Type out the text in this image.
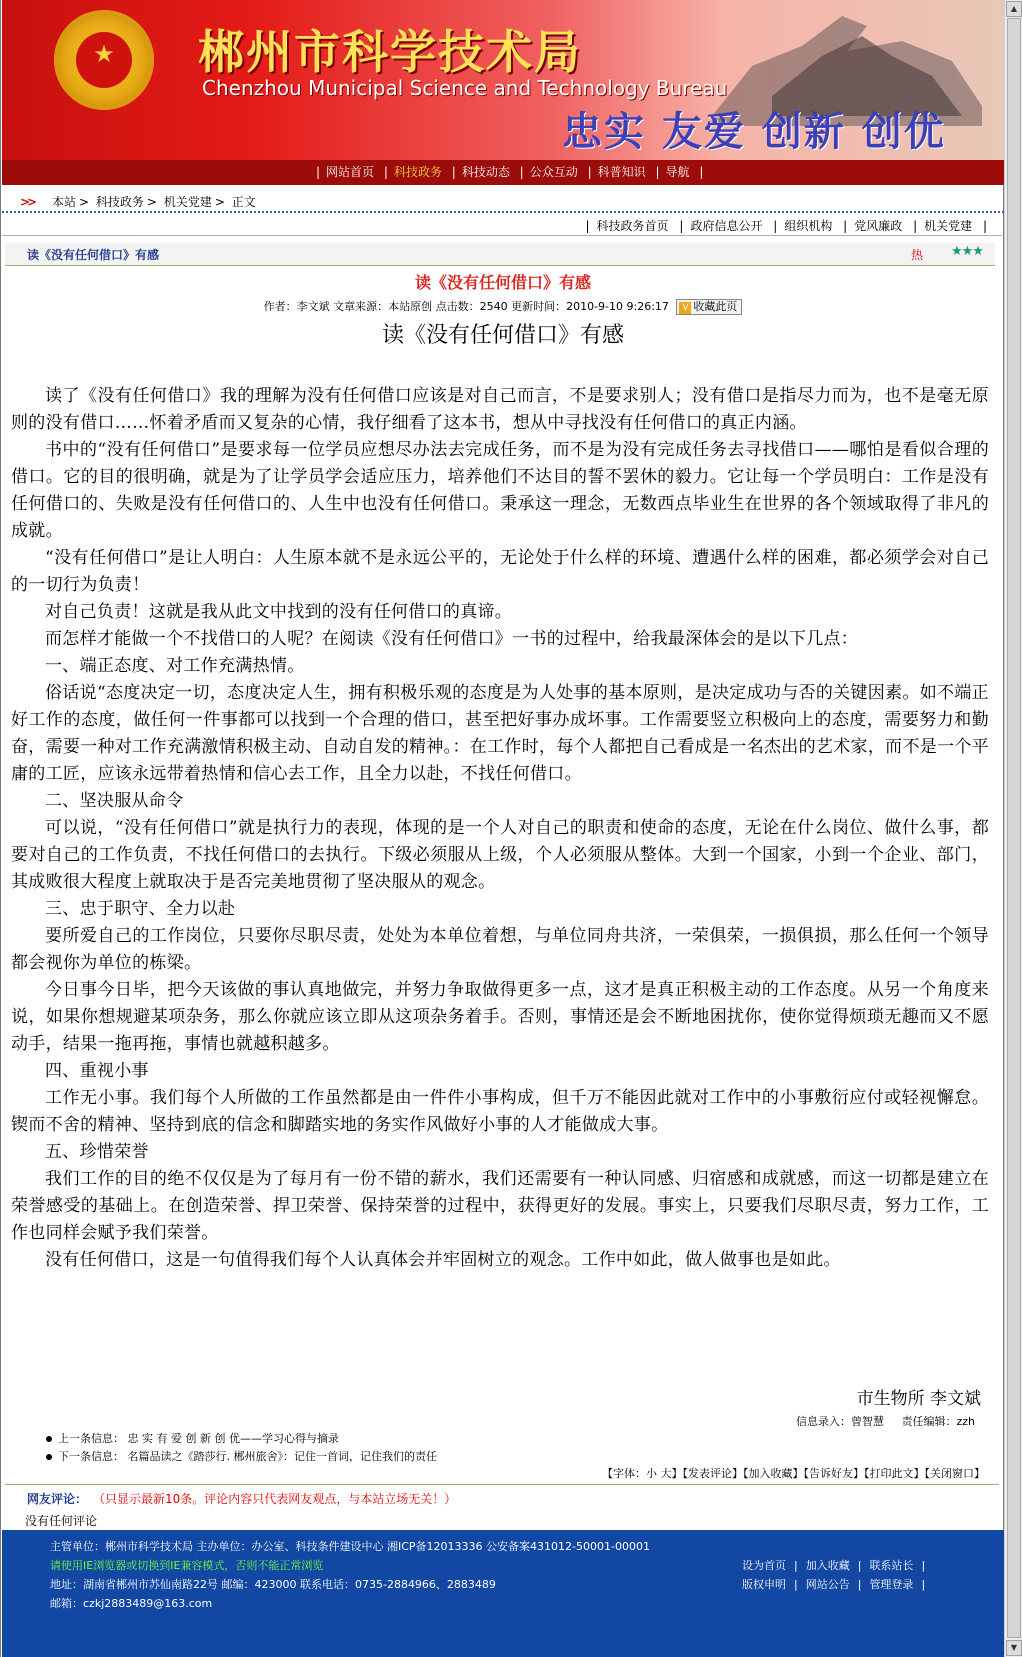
★	郴州市科学技术局
Chenzhou Municipal Science and Technology Bureau
忠实 友爱 创新 创优
| 网站首页 | 科技政务 | 科技动态 | 公众互动 | 科普知识 | 导航 |
>> 本站 > 科技政务 > 机关党建 > 正文
| 科技政务首页 | 政府信息公开 | 组织机构 | 党风廉政 | 机关党建 |
读《没有任何借口》有感	热 ★★★
读《没有任何借口》有感
作者：李文斌 文章来源：本站原创 点击数：2540 更新时间：2010-9-10 9:26:17 V 收藏此页
读《没有任何借口》有感

读了《没有任何借口》我的理解为没有任何借口应该是对自己而言，不是要求别人；没有借口是指尽力而为，也不是毫无原则的没有借口……怀着矛盾而又复杂的心情，我仔细看了这本书，想从中寻找没有任何借口的真正内涵。

书中的“没有任何借口”是要求每一位学员应想尽办法去完成任务，而不是为没有完成任务去寻找借口——哪怕是看似合理的借口。它的目的很明确，就是为了让学员学会适应压力，培养他们不达目的誓不罢休的毅力。它让每一个学员明白：工作是没有任何借口的、失败是没有任何借口的、人生中也没有任何借口。秉承这一理念，无数西点毕业生在世界的各个领域取得了非凡的成就。

“没有任何借口”是让人明白：人生原本就不是永远公平的，无论处于什么样的环境、遭遇什么样的困难，都必须学会对自己的一切行为负责！

对自己负责！这就是我从此文中找到的没有任何借口的真谛。

而怎样才能做一个不找借口的人呢？在阅读《没有任何借口》一书的过程中，给我最深体会的是以下几点：

一、端正态度、对工作充满热情。

俗话说“态度决定一切，态度决定人生，拥有积极乐观的态度是为人处事的基本原则，是决定成功与否的关键因素。如不端正好工作的态度，做任何一件事都可以找到一个合理的借口，甚至把好事办成坏事。工作需要竖立积极向上的态度，需要努力和勤奋，需要一种对工作充满激情积极主动、自动自发的精神。：在工作时，每个人都把自己看成是一名杰出的艺术家，而不是一个平庸的工匠，应该永远带着热情和信心去工作，且全力以赴，不找任何借口。

二、坚决服从命令

可以说，“没有任何借口”就是执行力的表现，体现的是一个人对自己的职责和使命的态度，无论在什么岗位、做什么事，都要对自己的工作负责，不找任何借口的去执行。下级必须服从上级，个人必须服从整体。大到一个国家，小到一个企业、部门，其成败很大程度上就取决于是否完美地贯彻了坚决服从的观念。

三、忠于职守、全力以赴

要所爱自己的工作岗位，只要你尽职尽责，处处为本单位着想，与单位同舟共济，一荣俱荣，一损俱损，那么任何一个领导都会视你为单位的栋梁。

今日事今日毕，把今天该做的事认真地做完，并努力争取做得更多一点，这才是真正积极主动的工作态度。从另一个角度来说，如果你想规避某项杂务，那么你就应该立即从这项杂务着手。否则，事情还是会不断地困扰你，使你觉得烦琐无趣而又不愿动手，结果一拖再拖，事情也就越积越多。

四、重视小事

工作无小事。我们每个人所做的工作虽然都是由一件件小事构成，但千万不能因此就对工作中的小事敷衍应付或轻视懈怠。锲而不舍的精神、坚持到底的信念和脚踏实地的务实作风做好小事的人才能做成大事。

五、珍惜荣誉

我们工作的目的绝不仅仅是为了每月有一份不错的薪水，我们还需要有一种认同感、归宿感和成就感，而这一切都是建立在荣誉感受的基础上。在创造荣誉、捍卫荣誉、保持荣誉的过程中，获得更好的发展。事实上，只要我们尽职尽责，努力工作，工作也同样会赋予我们荣誉。

没有任何借口，这是一句值得我们每个人认真体会并牢固树立的观念。工作中如此，做人做事也是如此。

市生物所 李文斌
信息录入：曾智慧 责任编辑：zzh
上一条信息： 忠 实 有 爱 创 新 创 优——学习心得与摘录
下一条信息： 名篇品读之《踏莎行. 郴州旅舍》：记住一首词，记住我们的责任
【字体：小 大】【发表评论】【加入收藏】【告诉好友】【打印此文】【关闭窗口】
网友评论： （只显示最新10条。评论内容只代表网友观点，与本站立场无关！）
没有任何评论
主管单位：郴州市科学技术局 主办单位：办公室、科技条件建设中心 湘ICP备12013336 公安备案431012-50001-00001
请使用IE浏览器或切换到IE兼容模式，否则不能正常浏览
地址：湖南省郴州市苏仙南路22号 邮编：423000 联系电话：0735-2884966、2883489
邮箱：czkj2883489@163.com
设为首页 | 加入收藏 | 联系站长 |
版权申明 | 网站公告 | 管理登录 |
▲
▼
